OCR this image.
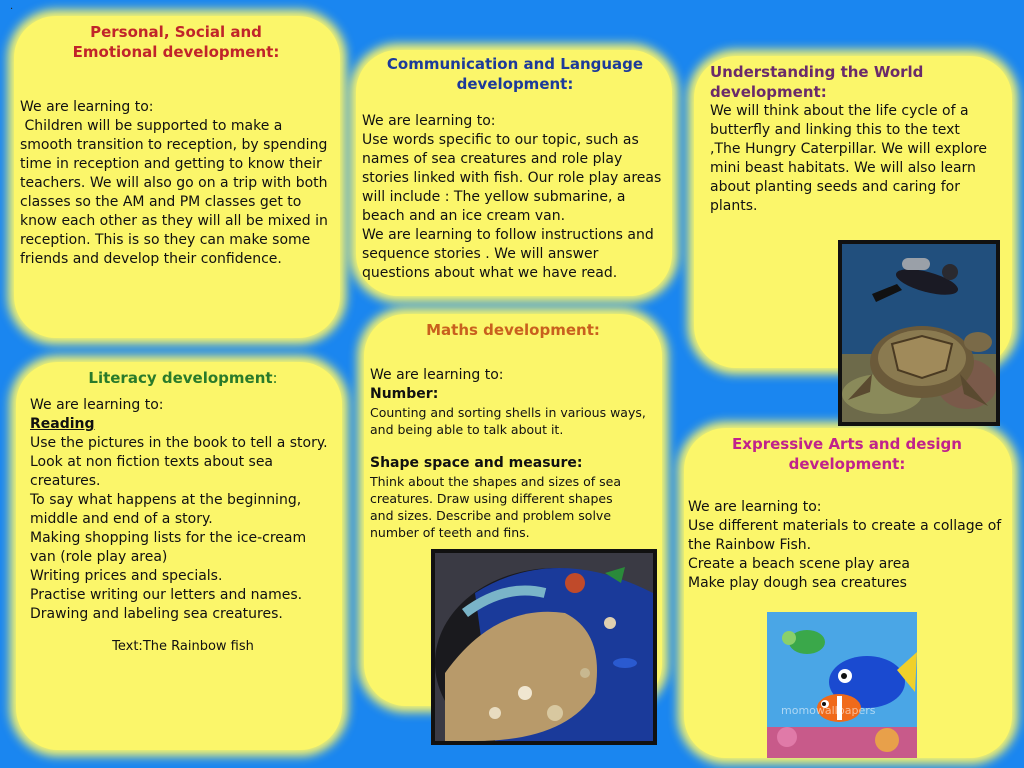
·

Personal, Social and

Emotional development:

We are learning to:

Children will be supported to make a smooth transition to reception, by spending time in reception and getting to know their teachers. We will also go on a trip with both classes so the AM and PM classes get to know each other as they will all be mixed in reception. This is so they can make some friends and develop their confidence.

Communication and Language

development:

We are learning to:

Use words specific to our topic, such as names of sea creatures and role play stories linked with fish. Our role play areas will include : The yellow submarine, a beach and an ice cream van.

We are learning to follow instructions and sequence stories . We will answer questions about what we have read.

Understanding the World

development:

We will think about the life cycle of a butterfly and linking this to the text ,The Hungry Caterpillar. We will explore mini beast habitats. We will also learn about planting seeds and caring for plants.

Literacy development:

We are learning to:

Reading

Use the pictures in the book to tell a story.

Look at non fiction texts about sea creatures.

To say what happens at the beginning, middle and end of a story.

Making shopping lists for the ice-cream van (role play area)

Writing prices and specials.

Practise writing our letters and names.

Drawing and labeling sea creatures.

Text:The Rainbow fish

Maths development:

We are learning to:

Number:

Counting and sorting shells in various ways, and being able to talk about it.

Shape space and measure:

Think about the shapes and sizes of sea creatures. Draw using different shapes and sizes. Describe and problem solve number of teeth and fins.

Expressive Arts and design

development:

We are learning to:

Use different materials to create a collage of the Rainbow Fish.

Create a beach scene play area

Make play dough sea creatures

momowallpapers
